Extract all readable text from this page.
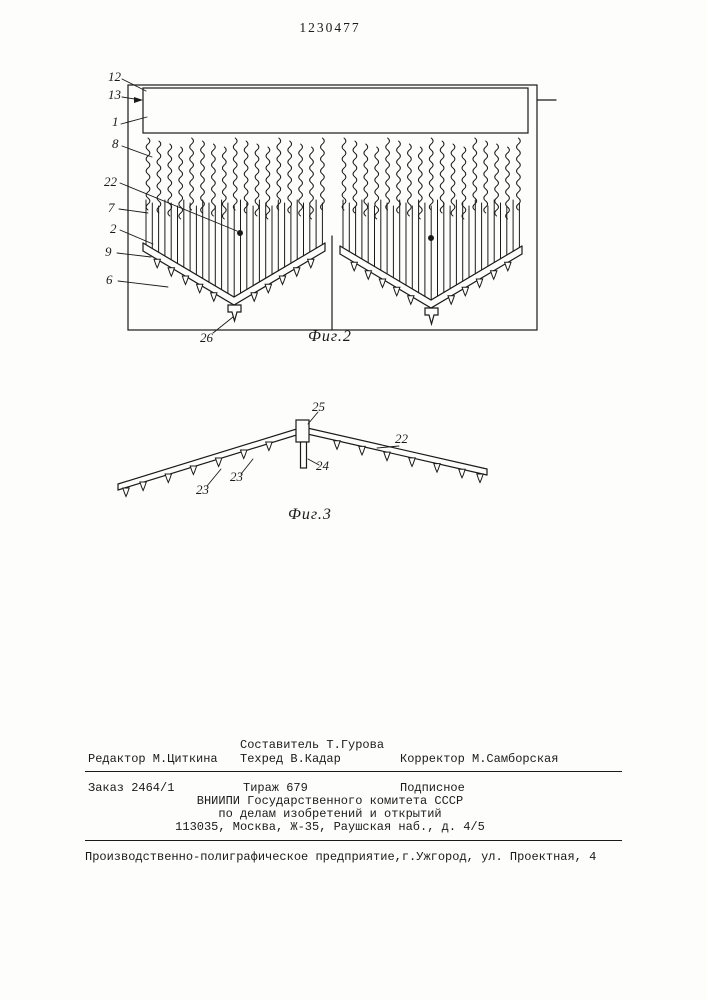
1230477
12
13
1
8
22
7
2
9
6
26	Фиг.2
25
22
24
23
23
Фиг.3
Составитель Т.Гурова
Редактор М.Циткина Техред В.Кадар	Корректор М.Самборская
Заказ 2464/1	Тираж 679	Подписное
ВНИИПИ Государственного комитета СССР
по делам изобретений и открытий
113035, Москва, Ж-35, Раушская наб., д. 4/5
Производственно-полиграфическое предприятие,г.Ужгород, ул. Проектная, 4
